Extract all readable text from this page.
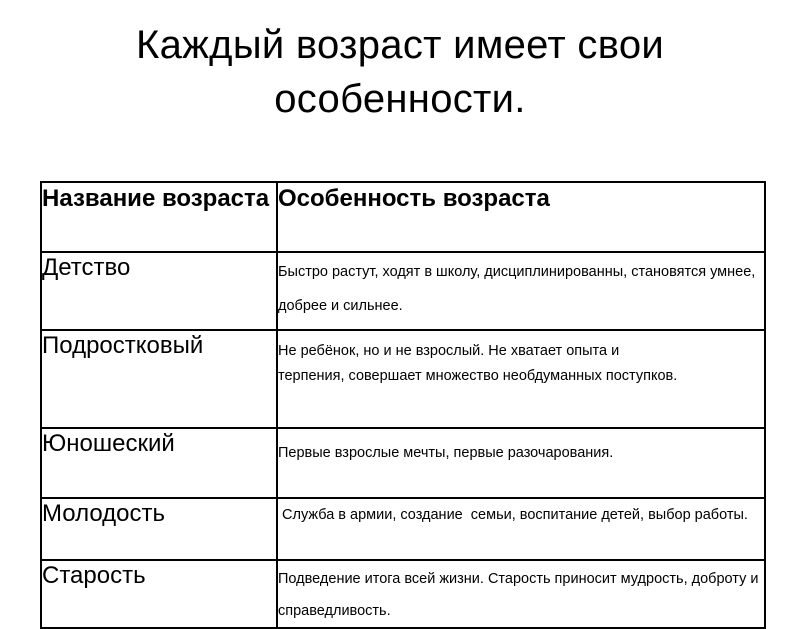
Каждый возраст имеет свои
особенности.
Название возраста	Особенность возраста
Детство	Быстро растут, ходят в школу, дисциплинированны, становятся умнее, добрее и сильнее.
Подростковый	Не ребёнок, но и не взрослый. Не хватает опыта и
терпения, совершает множество необдуманных поступков.

Юношеский	Первые взрослые мечты, первые разочарования.
Молодость	Служба в армии, создание  семьи, воспитание детей, выбор работы.
Старость	Подведение итога всей жизни. Старость приносит мудрость, доброту и справедливость.
